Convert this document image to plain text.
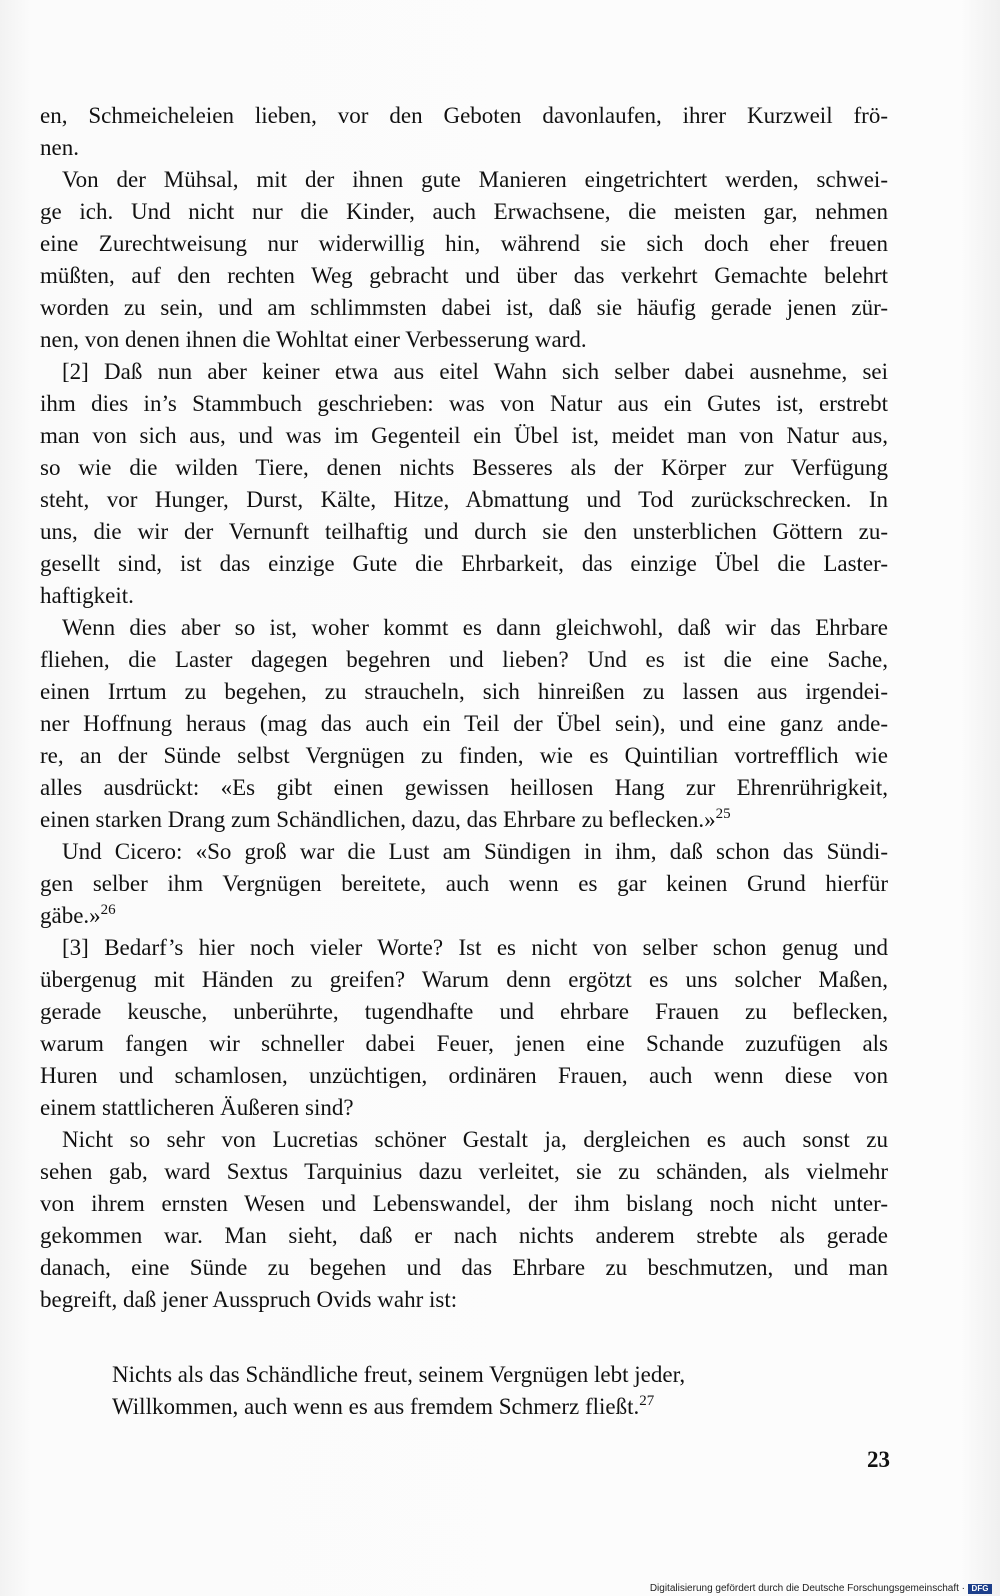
en, Schmeicheleien lieben, vor den Geboten davonlaufen, ihrer Kurzweil frö-

nen.

Von der Mühsal, mit der ihnen gute Manieren eingetrichtert werden, schwei-

ge ich. Und nicht nur die Kinder, auch Erwachsene, die meisten gar, nehmen

eine Zurechtweisung nur widerwillig hin, während sie sich doch eher freuen

müßten, auf den rechten Weg gebracht und über das verkehrt Gemachte belehrt

worden zu sein, und am schlimmsten dabei ist, daß sie häufig gerade jenen zür-

nen, von denen ihnen die Wohltat einer Verbesserung ward.

[2] Daß nun aber keiner etwa aus eitel Wahn sich selber dabei ausnehme, sei

ihm dies in’s Stammbuch geschrieben: was von Natur aus ein Gutes ist, erstrebt

man von sich aus, und was im Gegenteil ein Übel ist, meidet man von Natur aus,

so wie die wilden Tiere, denen nichts Besseres als der Körper zur Verfügung

steht, vor Hunger, Durst, Kälte, Hitze, Abmattung und Tod zurückschrecken. In

uns, die wir der Vernunft teilhaftig und durch sie den unsterblichen Göttern zu-

gesellt sind, ist das einzige Gute die Ehrbarkeit, das einzige Übel die Laster-

haftigkeit.

Wenn dies aber so ist, woher kommt es dann gleichwohl, daß wir das Ehrbare

fliehen, die Laster dagegen begehren und lieben? Und es ist die eine Sache,

einen Irrtum zu begehen, zu straucheln, sich hinreißen zu lassen aus irgendei-

ner Hoffnung heraus (mag das auch ein Teil der Übel sein), und eine ganz ande-

re, an der Sünde selbst Vergnügen zu finden, wie es Quintilian vortrefflich wie

alles ausdrückt: «Es gibt einen gewissen heillosen Hang zur Ehrenrührigkeit,

einen starken Drang zum Schändlichen, dazu, das Ehrbare zu beflecken.»$^{25}$

Und Cicero: «So groß war die Lust am Sündigen in ihm, daß schon das Sündi-

gen selber ihm Vergnügen bereitete, auch wenn es gar keinen Grund hierfür

gäbe.»$^{26}$

[3] Bedarf’s hier noch vieler Worte? Ist es nicht von selber schon genug und

übergenug mit Händen zu greifen? Warum denn ergötzt es uns solcher Maßen,

gerade keusche, unberührte, tugendhafte und ehrbare Frauen zu beflecken,

warum fangen wir schneller dabei Feuer, jenen eine Schande zuzufügen als

Huren und schamlosen, unzüchtigen, ordinären Frauen, auch wenn diese von

einem stattlicheren Äußeren sind?

Nicht so sehr von Lucretias schöner Gestalt ja, dergleichen es auch sonst zu

sehen gab, ward Sextus Tarquinius dazu verleitet, sie zu schänden, als vielmehr

von ihrem ernsten Wesen und Lebenswandel, der ihm bislang noch nicht unter-

gekommen war. Man sieht, daß er nach nichts anderem strebte als gerade

danach, eine Sünde zu begehen und das Ehrbare zu beschmutzen, und man

begreift, daß jener Ausspruch Ovids wahr ist:

Nichts als das Schändliche freut, seinem Vergnügen lebt jeder,
Willkommen, auch wenn es aus fremdem Schmerz fließt.$^{27}$
23
Digitalisierung gefördert durch die Deutsche Forschungsgemeinschaft · DFG
